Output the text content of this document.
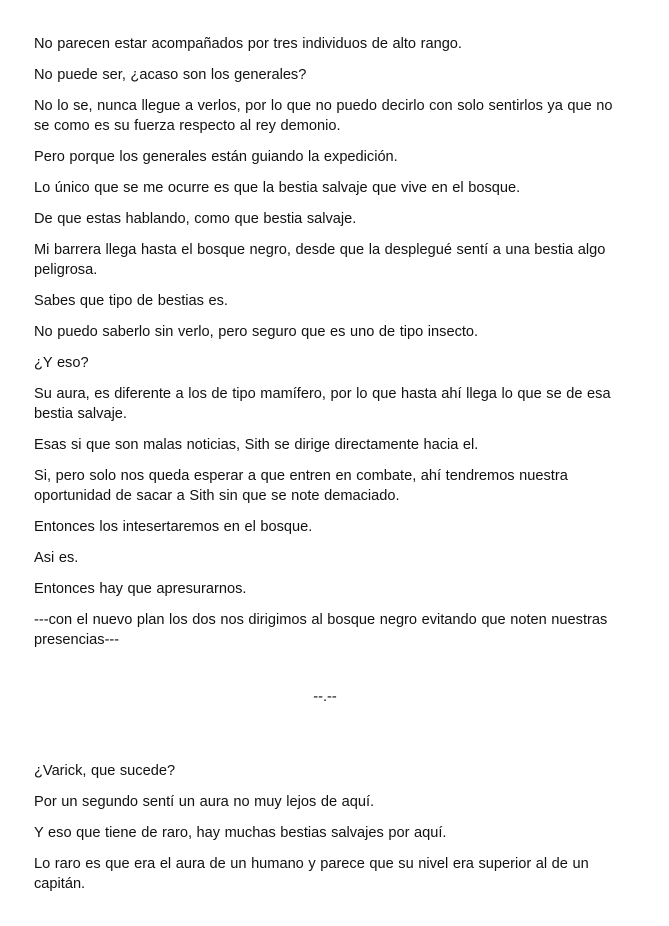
No parecen estar acompañados por tres individuos de alto rango.

No puede ser, ¿acaso son los generales?

No lo se, nunca llegue a verlos, por lo que no puedo decirlo con solo sentirlos ya que no se como es su fuerza respecto al rey demonio.

Pero porque los generales están guiando la expedición.

Lo único que se me ocurre es que la bestia salvaje que vive en el bosque.

De que estas hablando, como que bestia salvaje.

Mi barrera llega hasta el bosque negro, desde que la desplegué sentí a una bestia algo peligrosa.

Sabes que tipo de bestias es.

No puedo saberlo sin verlo, pero seguro que es uno de tipo insecto.

¿Y eso?

Su aura, es diferente a los de tipo mamífero, por lo que hasta ahí llega lo que se de esa bestia salvaje.

Esas si que son malas noticias, Sith se dirige directamente hacia el.

Si, pero solo nos queda esperar a que entren en combate, ahí tendremos nuestra oportunidad de sacar a Sith sin que se note demaciado.

Entonces los intesertaremos en el bosque.

Asi es.

Entonces hay que apresurarnos.

---con el nuevo plan los dos nos dirigimos al bosque negro evitando que noten nuestras presencias---

--.--

¿Varick, que sucede?

Por un segundo sentí un aura no muy lejos de aquí.

Y eso que tiene de raro, hay muchas bestias salvajes por aquí.

Lo raro es que era el aura de un humano y parece que su nivel era superior al de un capitán.
